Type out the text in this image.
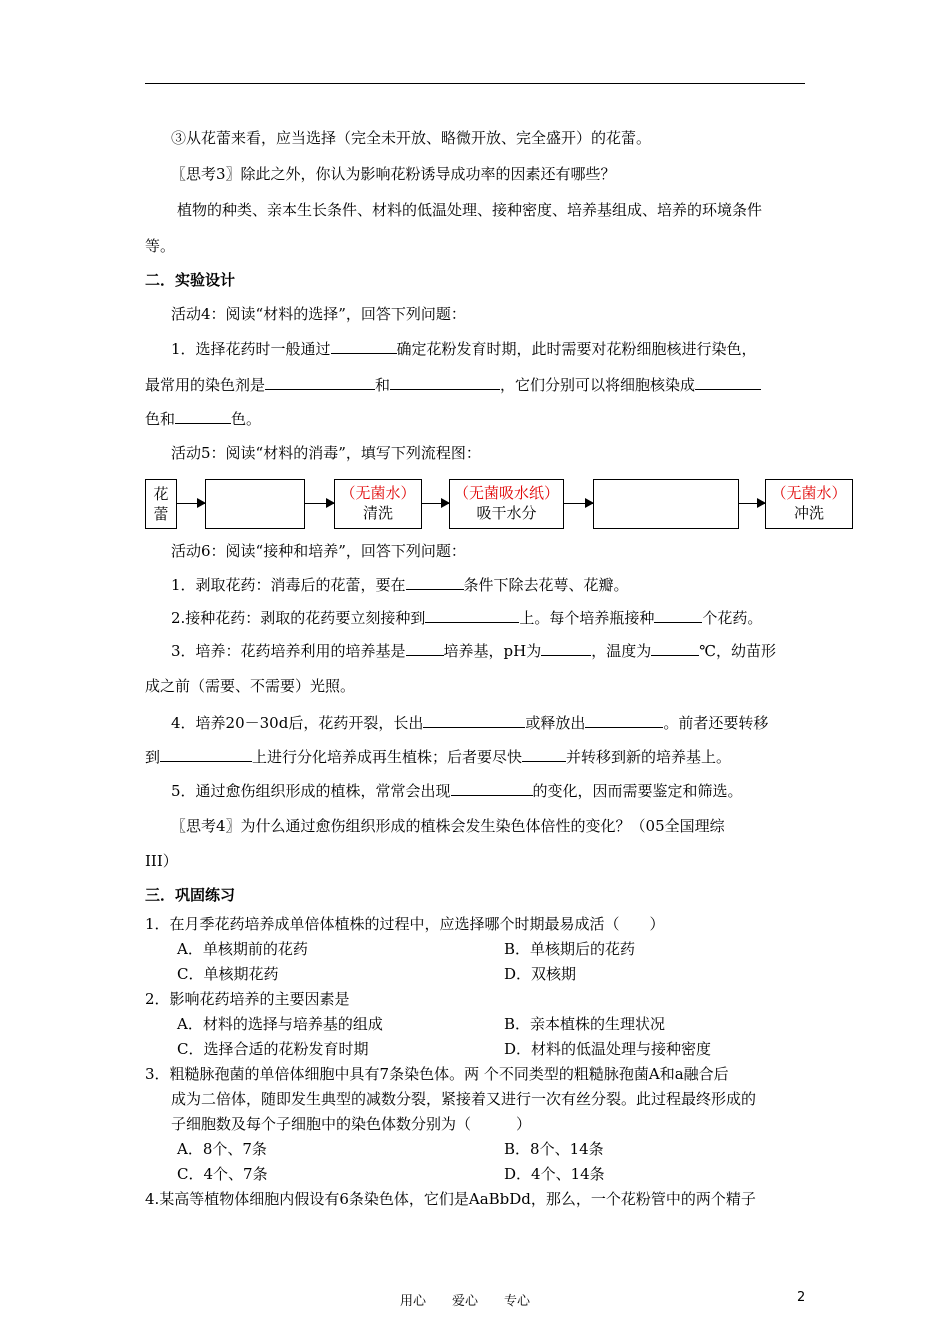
③从花蕾来看，应当选择（完全未开放、略微开放、完全盛开）的花蕾。
〖思考3〗除此之外，你认为影响花粉诱导成功率的因素还有哪些？
植物的种类、亲本生长条件、材料的低温处理、接种密度、培养基组成、培养的环境条件
等。
二．实验设计
活动4：阅读“材料的选择”，回答下列问题：
1．选择花药时一般通过	确定花粉发育时期，此时需要对花粉细胞核进行染色，
最常用的染色剂是	和	，它们分别可以将细胞核染成
色和	色。
活动5：阅读“材料的消毒”，填写下列流程图：
花蕾
（无菌水）
清洗
（无菌吸水纸）
吸干水分
（无菌水）
冲洗
活动6：阅读“接种和培养”，回答下列问题：
1．剥取花药：消毒后的花蕾，要在	条件下除去花萼、花瓣。
2.接种花药：剥取的花药要立刻接种到	上。每个培养瓶接种	个花药。
3．培养：花药培养利用的培养基是	培养基，pH为	，温度为	℃，幼苗形
成之前（需要、不需要）光照。
4．培养20－30d后，花药开裂，长出	或释放出	。前者还要转移
到	上进行分化培养成再生植株；后者要尽快	并转移到新的培养基上。
5．通过愈伤组织形成的植株，常常会出现	的变化，因而需要鉴定和筛选。
〖思考4〗为什么通过愈伤组织形成的植株会发生染色体倍性的变化？（05全国理综
III）
三．巩固练习
1．在月季花药培养成单倍体植株的过程中，应选择哪个时期最易成活（　　）
A．单核期前的花药	B．单核期后的花药
C．单核期花药	D．双核期
2．影响花药培养的主要因素是
A．材料的选择与培养基的组成	B．亲本植株的生理状况
C．选择合适的花粉发育时期	D．材料的低温处理与接种密度
3．粗糙脉孢菌的单倍体细胞中具有7条染色体。两 个不同类型的粗糙脉孢菌A和a融合后
成为二倍体，随即发生典型的减数分裂，紧接着又进行一次有丝分裂。此过程最终形成的
子细胞数及每个子细胞中的染色体数分别为（　　　）
A．8个、7条	B．8个、14条
C．4个、7条	D．4个、14条
4.某高等植物体细胞内假设有6条染色体，它们是AaBbDd，那么，一个花粉管中的两个精子
用心　　爱心　　专心	2
